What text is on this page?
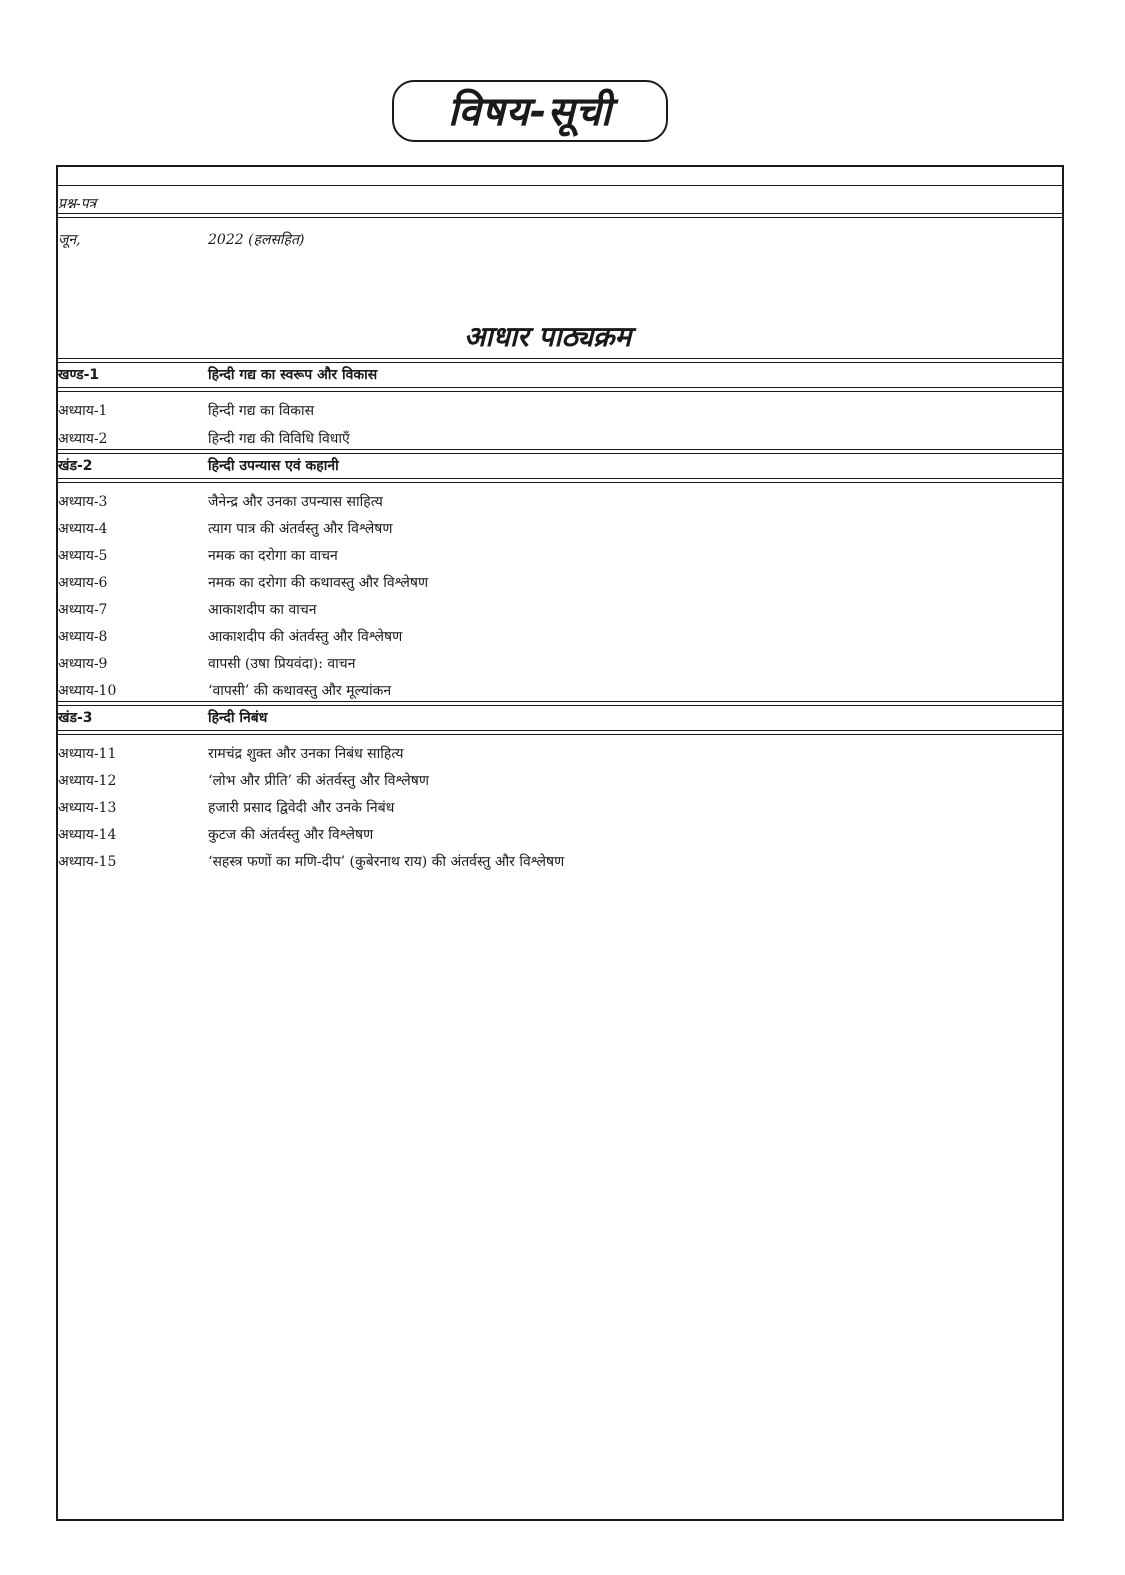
विषय-सूची
प्रश्न-पत्र
जून,	2022 (हलसहित)
आधार पाठ्यक्रम
खण्ड-1	हिन्दी गद्य का स्वरूप और विकास
अध्याय-1	हिन्दी गद्य का विकास
अध्याय-2	हिन्दी गद्य की विविधि विधाएँ
खंड-2	हिन्दी उपन्यास एवं कहानी
अध्याय-3	जैनेन्द्र और उनका उपन्यास साहित्य
अध्याय-4	त्याग पात्र की अंतर्वस्तु और विश्लेषण
अध्याय-5	नमक का दरोगा का वाचन
अध्याय-6	नमक का दरोगा की कथावस्तु और विश्लेषण
अध्याय-7	आकाशदीप का वाचन
अध्याय-8	आकाशदीप की अंतर्वस्तु और विश्लेषण
अध्याय-9	वापसी (उषा प्रियवंदा): वाचन
अध्याय-10	‘वापसी’ की कथावस्तु और मूल्यांकन
खंड-3	हिन्दी निबंध
अध्याय-11	रामचंद्र शुक्त और उनका निबंध साहित्य
अध्याय-12	‘लोभ और प्रीति’ की अंतर्वस्तु और विश्लेषण
अध्याय-13	हजारी प्रसाद द्विवेदी और उनके निबंध
अध्याय-14	कुटज की अंतर्वस्तु और विश्लेषण
अध्याय-15	‘सहस्त्र फणों का मणि-दीप’ (कुबेरनाथ राय) की अंतर्वस्तु और विश्लेषण
